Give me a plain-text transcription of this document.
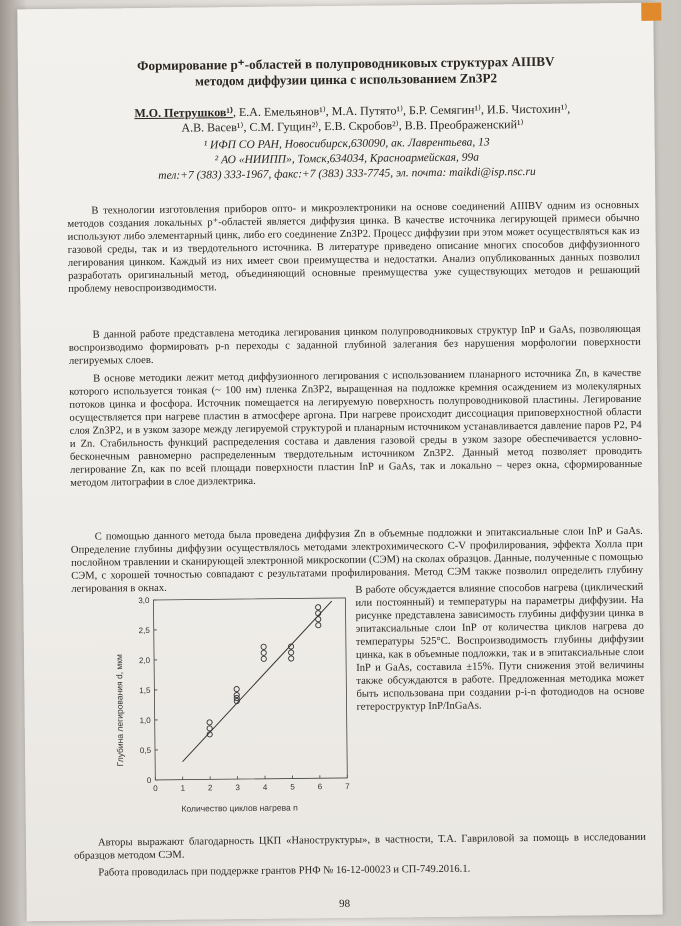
Формирование p⁺-областей в полупроводниковых структурах AIIIBV
методом диффузии цинка с использованием Zn3P2
М.О. Петрушков¹⁾, Е.А. Емельянов¹⁾, М.А. Путято¹⁾, Б.Р. Семягин¹⁾, И.Б. Чистохин¹⁾,
А.В. Васев¹⁾, С.М. Гущин²⁾, Е.В. Скробов²⁾, В.В. Преображенский¹⁾
¹ ИФП СО РАН, Новосибирск,630090, ак. Лаврентьева, 13
² АО «НИИПП», Томск,634034, Красноармейская, 99а
тел:+7 (383) 333-1967, факс:+7 (383) 333-7745, эл. почта: maikdi@isp.nsc.ru
В технологии изготовления приборов опто- и микроэлектроники на основе соединений AIIIBV одним из основных методов создания локальных p⁺-областей является диффузия цинка. В качестве источника легирующей примеси обычно используют либо элементарный цинк, либо его соединение Zn3P2. Процесс диффузии при этом может осуществляться как из газовой среды, так и из твердотельного источника. В литературе приведено описание многих способов диффузионного легирования цинком. Каждый из них имеет свои преимущества и недостатки. Анализ опубликованных данных позволил разработать оригинальный метод, объединяющий основные преимущества уже существующих методов и решающий проблему невоспроизводимости.
В данной работе представлена методика легирования цинком полупроводниковых структур InP и GaAs, позволяющая воспроизводимо формировать p-n переходы с заданной глубиной залегания без нарушения морфологии поверхности легируемых слоев.
В основе методики лежит метод диффузионного легирования с использованием планарного источника Zn, в качестве которого используется тонкая (~ 100 нм) пленка Zn3P2, выращенная на подложке кремния осаждением из молекулярных потоков цинка и фосфора. Источник помещается на легируемую поверхность полупроводниковой пластины. Легирование осуществляется при нагреве пластин в атмосфере аргона. При нагреве происходит диссоциация приповерхностной области слоя Zn3P2, и в узком зазоре между легируемой структурой и планарным источником устанавливается давление паров P2, P4 и Zn. Стабильность функций распределения состава и давления газовой среды в узком зазоре обеспечивается условно-бесконечным равномерно распределенным твердотельным источником Zn3P2. Данный метод позволяет проводить легирование Zn, как по всей площади поверхности пластин InP и GaAs, так и локально – через окна, сформированные методом литографии в слое диэлектрика.
С помощью данного метода была проведена диффузия Zn в объемные подложки и эпитаксиальные слои InP и GaAs. Определение глубины диффузии осуществлялось методами электрохимического C-V профилирования, эффекта Холла при послойном травлении и сканирующей электронной микроскопии (СЭМ) на сколах образцов. Данные, полученные с помощью СЭМ, с хорошей точностью совпадают с результатами профилирования. Метод СЭМ также позволил определить глубину легирования в окнах.	В работе обсуждается влияние способов нагрева (циклический или постоянный) и температуры на параметры диффузии. На рисунке представлена зависимость глубины диффузии цинка в эпитаксиальные слои InP от количества циклов нагрева до температуры 525°C. Воспроизводимость глубины диффузии цинка, как в объемные подложки, так и в эпитаксиальные слои InP и GaAs, составила ±15%. Пути снижения этой величины также обсуждаются в работе. Предложенная методика может быть использована при создании p-i-n фотодиодов на основе гетероструктур InP/InGaAs.
Авторы выражают благодарность ЦКП «Наноструктуры», в частности, Т.А. Гавриловой за помощь в исследовании образцов методом СЭМ.
Работа проводилась при поддержке грантов РНФ № 16-12-00023 и СП-749.2016.1.
0	1	2	3	4	5	6	7
0
0,5
1,0
1,5
2,0
2,5
3,0
Глубина легирования d, мкм
Количество циклов нагрева n
98
